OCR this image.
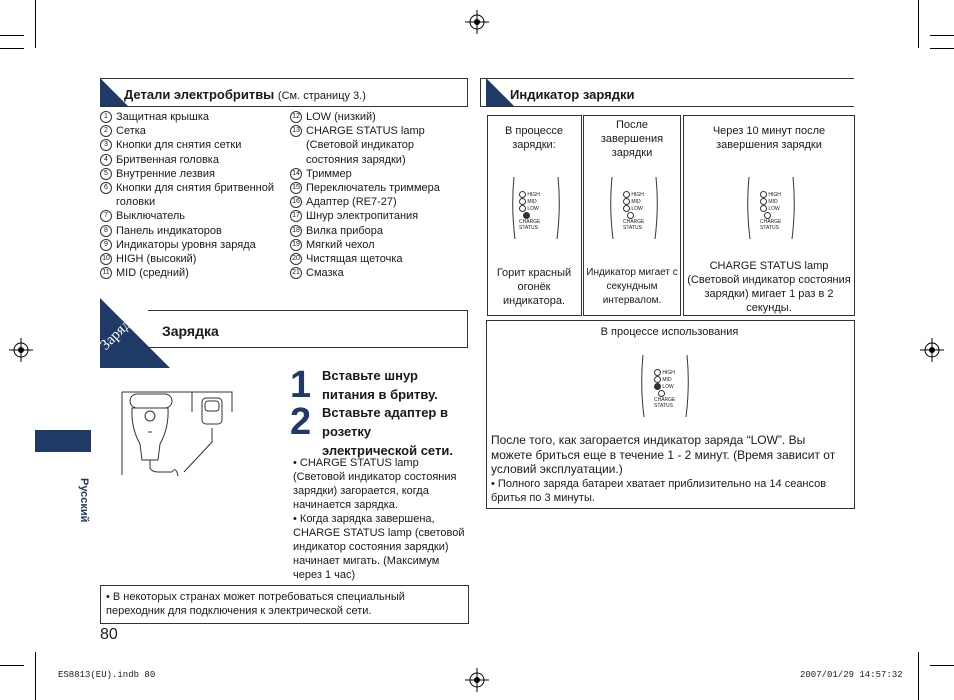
Детали электробритвы (См. страницу 3.)
1 Защитная крышка
2 Сетка
3 Кнопки для снятия сетки
4 Бритвенная головка
5 Внутренние лезвия
6 Кнопки для снятия бритвенной головки
7 Выключатель
8 Панель индикаторов
9 Индикаторы уровня заряда
10 HIGH (высокий)
11 MID (средний)
12 LOW (низкий)
13 CHARGE STATUS lamp (Световой индикатор состояния зарядки)
14 Триммер
15 Переключатель триммера
16 Адаптер (RE7-27)
17 Шнур электропитания
18 Вилка прибора
19 Мягкий чехол
20 Чистящая щеточка
21 Смазка
Зарядка Зарядка
1 Вставьте шнур питания в бритву.
2 Вставьте адаптер в розетку электрической сети.
• CHARGE STATUS lamp (Световой индикатор состояния зарядки) загорается, когда начинается зарядка.
• Когда зарядка завершена, CHARGE STATUS lamp (световой индикатор состояния зарядки) начинает мигать. (Максимум через 1 час)
• В некоторых странах может потребоваться специальный переходник для подключения к электрической сети.
Русский
80
Индикатор зарядки
В процессе зарядки:
Горит красный огонёк индикатора.
После завершения зарядки
Индикатор мигает с секундным интервалом.
Через 10 минут после завершения зарядки
CHARGE STATUS lamp (Световой индикатор состояния зарядки) мигает 1 раз в 2 секунды.
В процессе использования
После того, как загорается индикатор заряда “LOW”. Вы можете бриться еще в течение 1 - 2 минут. (Время зависит от условий эксплуатации.)
• Полного заряда батареи хватает приблизительно на 14 сеансов бритья по 3 минуты.
HIGH
MID
LOW
CHARGE
STATUS
HIGH
MID
LOW
CHARGE
STATUS
HIGH
MID
LOW
CHARGE
STATUS
HIGH
MID
LOW
CHARGE
STATUS
ES8813(EU).indb 80	2007/01/29 14:57:32
